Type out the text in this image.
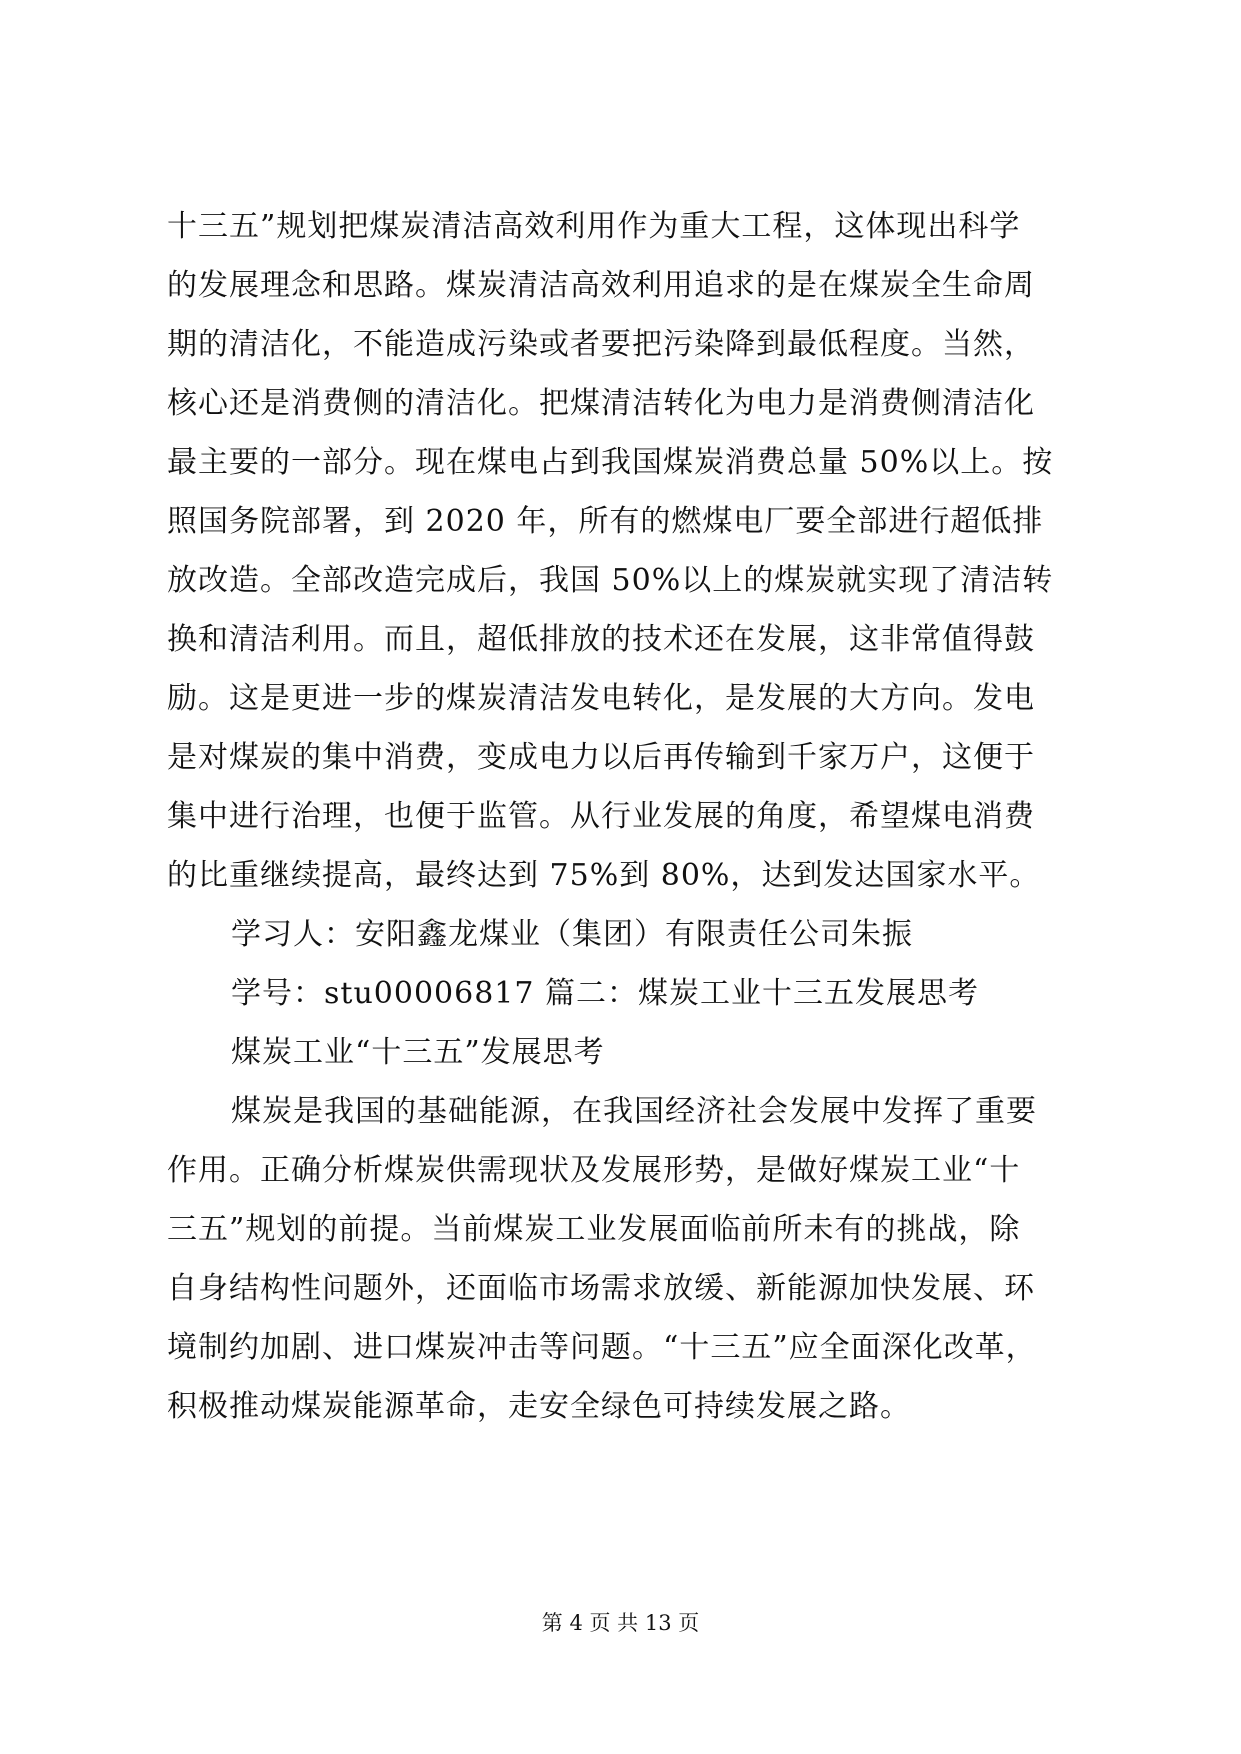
十三五”规划把煤炭清洁高效利用作为重大工程，这体现出科学
的发展理念和思路。煤炭清洁高效利用追求的是在煤炭全生命周
期的清洁化，不能造成污染或者要把污染降到最低程度。当然，
核心还是消费侧的清洁化。把煤清洁转化为电力是消费侧清洁化
最主要的一部分。现在煤电占到我国煤炭消费总量 50%以上。按
照国务院部署，到 2020 年，所有的燃煤电厂要全部进行超低排
放改造。全部改造完成后，我国 50%以上的煤炭就实现了清洁转
换和清洁利用。而且，超低排放的技术还在发展，这非常值得鼓
励。这是更进一步的煤炭清洁发电转化，是发展的大方向。发电
是对煤炭的集中消费，变成电力以后再传输到千家万户，这便于
集中进行治理，也便于监管。从行业发展的角度，希望煤电消费
的比重继续提高，最终达到 75%到 80%，达到发达国家水平。
学习人：安阳鑫龙煤业（集团）有限责任公司朱振
学号：stu00006817 篇二：煤炭工业十三五发展思考
煤炭工业“十三五”发展思考
煤炭是我国的基础能源，在我国经济社会发展中发挥了重要
作用。正确分析煤炭供需现状及发展形势，是做好煤炭工业“十
三五”规划的前提。当前煤炭工业发展面临前所未有的挑战，除
自身结构性问题外，还面临市场需求放缓、新能源加快发展、环
境制约加剧、进口煤炭冲击等问题。“十三五”应全面深化改革，
积极推动煤炭能源革命，走安全绿色可持续发展之路。
第 4 页 共 13 页
